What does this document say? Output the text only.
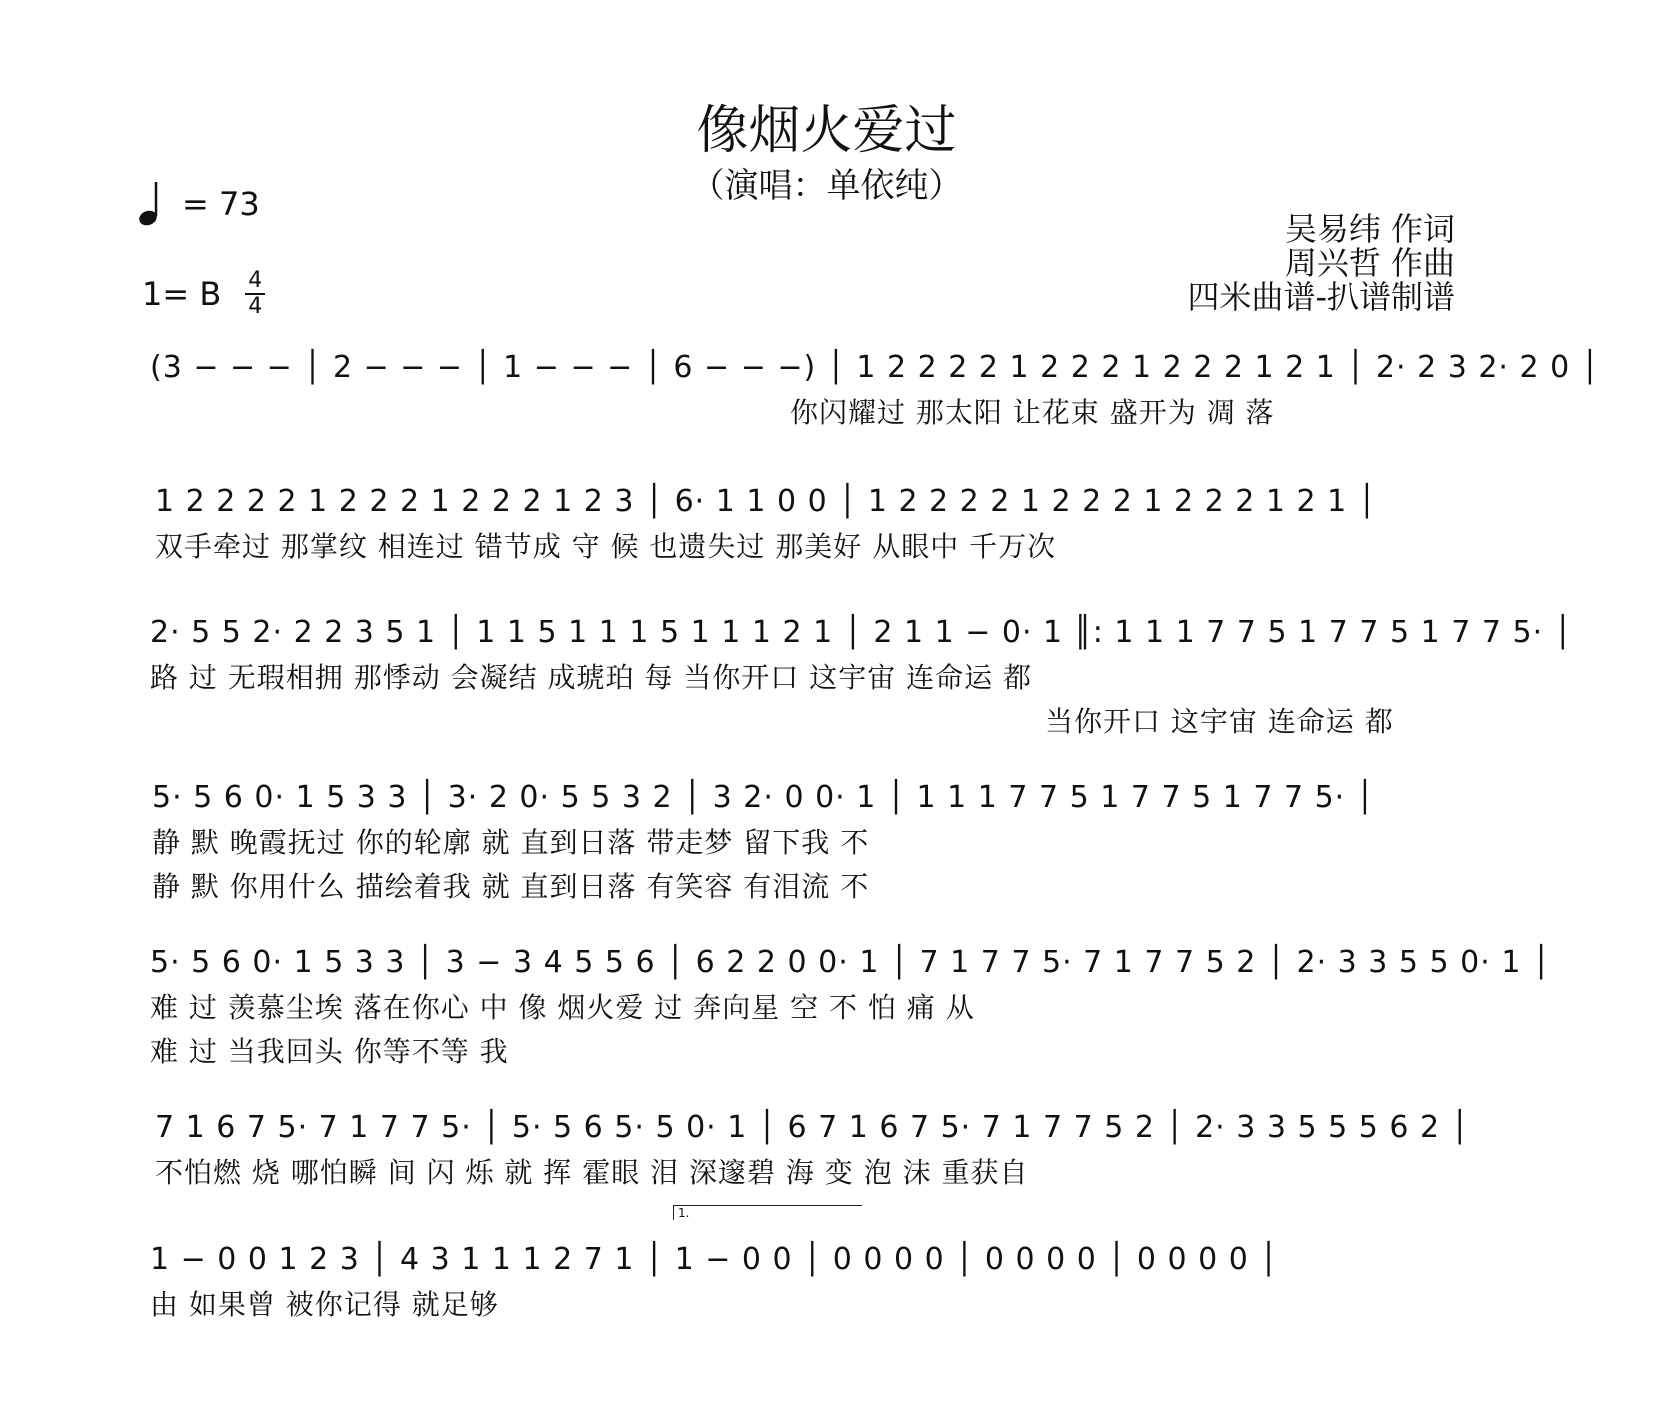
像烟火爱过
（演唱：单依纯）
= 73
1= B 4
4
吴易纬 作词
周兴哲 作曲
四米曲谱-扒谱制谱
(3 − − − │ 2 − − − │ 1 − − − │ 6 − − −) │ 1 2 2 2 2 1 2 2 2 1 2 2 2 1 2 1 │ 2· 2 3 2· 2 0 │
你闪耀过 那太阳 让花束 盛开为 凋 落
1 2 2 2 2 1 2 2 2 1 2 2 2 1 2 3 │ 6· 1 1 0 0 │ 1 2 2 2 2 1 2 2 2 1 2 2 2 1 2 1 │
双手牵过 那掌纹 相连过 错节成 守 候 也遗失过 那美好 从眼中 千万次
2· 5 5 2· 2 2 3 5 1 │ 1 1 5 1 1 1 5 1 1 1 2 1 │ 2 1 1 − 0· 1 ║: 1 1 1 7 7 5 1 7 7 5 1 7 7 5· │
路 过 无瑕相拥 那悸动 会凝结 成琥珀 每 当你开口 这宇宙 连命运 都
当你开口 这宇宙 连命运 都
5· 5 6 0· 1 5 3 3 │ 3· 2 0· 5 5 3 2 │ 3 2· 0 0· 1 │ 1 1 1 7 7 5 1 7 7 5 1 7 7 5· │
静 默 晚霞抚过 你的轮廓 就 直到日落 带走梦 留下我 不
静 默 你用什么 描绘着我 就 直到日落 有笑容 有泪流 不
5· 5 6 0· 1 5 3 3 │ 3 − 3 4 5 5 6 │ 6 2 2 0 0· 1 │ 7 1 7 7 5· 7 1 7 7 5 2 │ 2· 3 3 5 5 0· 1 │
难 过 羡慕尘埃 落在你心 中 像 烟火爱 过 奔向星 空 不 怕 痛 从
难 过 当我回头 你等不等 我
7 1 6 7 5· 7 1 7 7 5· │ 5· 5 6 5· 5 0· 1 │ 6 7 1 6 7 5· 7 1 7 7 5 2 │ 2· 3 3 5 5 5 6 2 │
不怕燃 烧 哪怕瞬 间 闪 烁 就 挥 霍眼 泪 深邃碧 海 变 泡 沫 重获自
1.
1 − 0 0 1 2 3 │ 4 3 1 1 1 2 7 1 │ 1 − 0 0 │ 0 0 0 0 │ 0 0 0 0 │ 0 0 0 0 │
由 如果曾 被你记得 就足够
